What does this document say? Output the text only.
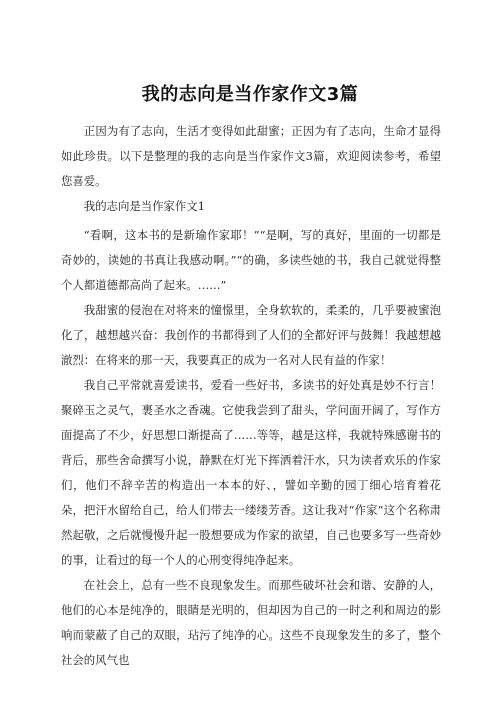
我的志向是当作家作文3篇

正因为有了志向，生活才变得如此甜蜜；正因为有了志向，生命才显得如此珍贵。以下是整理的我的志向是当作家作文3篇，欢迎阅读参考，希望您喜爱。

我的志向是当作家作文1

“看啊，这本书的是新瑜作家耶！”“是啊，写的真好，里面的一切都是奇妙的，读她的书真让我感动啊。”“的确，多读些她的书，我自己就觉得整个人都道德都高尚了起来。……”

我甜蜜的侵泡在对将来的憧憬里，全身软软的，柔柔的，几乎要被蜜泡化了，越想越兴奋：我创作的书都得到了人们的全都好评与鼓舞！我越想越澈烈：在将来的那一天，我要真正的成为一名对人民有益的作家！

我自己平常就喜爱读书，爱看一些好书，多读书的好处真是妙不行言！聚碎玉之灵气，裹圣水之香魂。它使我尝到了甜头，学问面开阔了，写作方面提高了不少，好思想口渐提高了……等等，越是这样，我就特殊感谢书的背后，那些舍命撰写小说，静默在灯光下挥洒着汗水，只为读者欢乐的作家们，他们不辞辛苦的构造出一本本的好、，譬如辛勤的园丁细心培育着花朵，把汗水留给自己，给人们带去一缕缕芳香。这让我对“作家”这个名称肃然起敬，之后就慢慢升起一股想要成为作家的欲望，自己也要多写一些奇妙的事，让看过的每一个人的心刑变得纯净起来。

在社会上，总有一些不良现象发生。而那些破坏社会和谐、安静的人，他们的心本是纯净的，眼睛是光明的，但却因为自己的一时之利和周边的影响而蒙蔽了自己的双眼，玷污了纯净的心。这些不良现象发生的多了，整个社会的风气也
